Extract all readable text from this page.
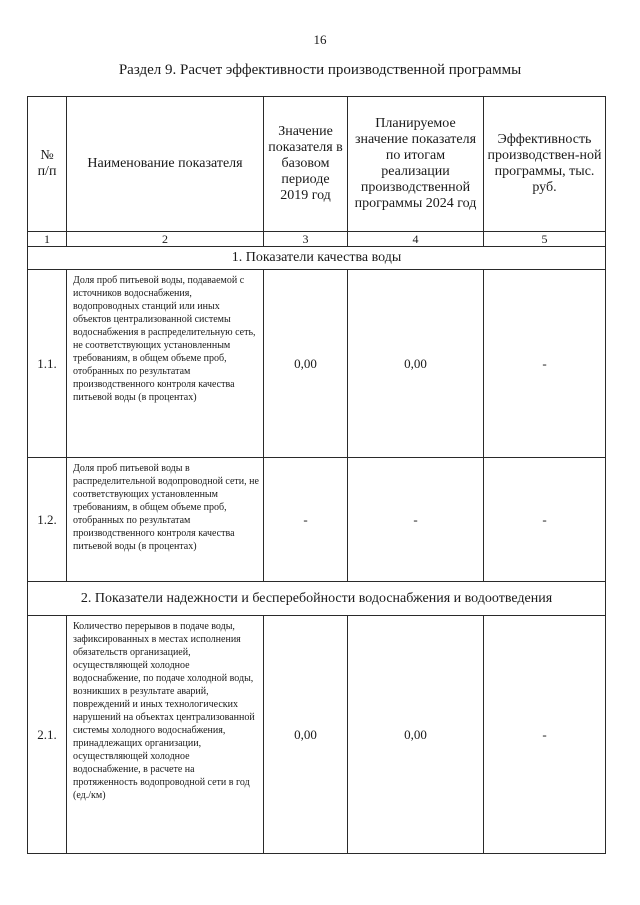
16
Раздел 9. Расчет эффективности производственной программы
№ п/п	Наименование показателя	Значение показателя в базовом периоде 2019 год	Планируемое значение показателя по итогам реализации производственной программы 2024 год	Эффективность производствен-ной программы, тыс. руб.

1	2	3	4	5
1. Показатели качества воды				
1.1.	Доля проб питьевой воды, подаваемой с источников водоснабжения, водопроводных станций или иных объектов централизованной системы водоснабжения в распределительную сеть, не соответствующих установленным требованиям, в общем объеме проб, отобранных по результатам производственного контроля качества питьевой воды (в процентах)	0,00	0,00	-
1.2.	Доля проб питьевой воды в распределительной водопроводной сети, не соответствующих установленным требованиям, в общем объеме проб, отобранных по результатам производственного контроля качества питьевой воды (в процентах)	-	-	-
2. Показатели надежности и бесперебойности водоснабжения и водоотведения				
2.1.	Количество перерывов в подаче воды, зафиксированных в местах исполнения обязательств организацией, осуществляющей холодное водоснабжение, по подаче холодной воды, возникших в результате аварий, повреждений и иных технологических нарушений на объектах централизованной системы холодного водоснабжения, принадлежащих организации, осуществляющей холодное водоснабжение, в расчете на протяженность водопроводной сети в год (ед./км)	0,00	0,00	-
